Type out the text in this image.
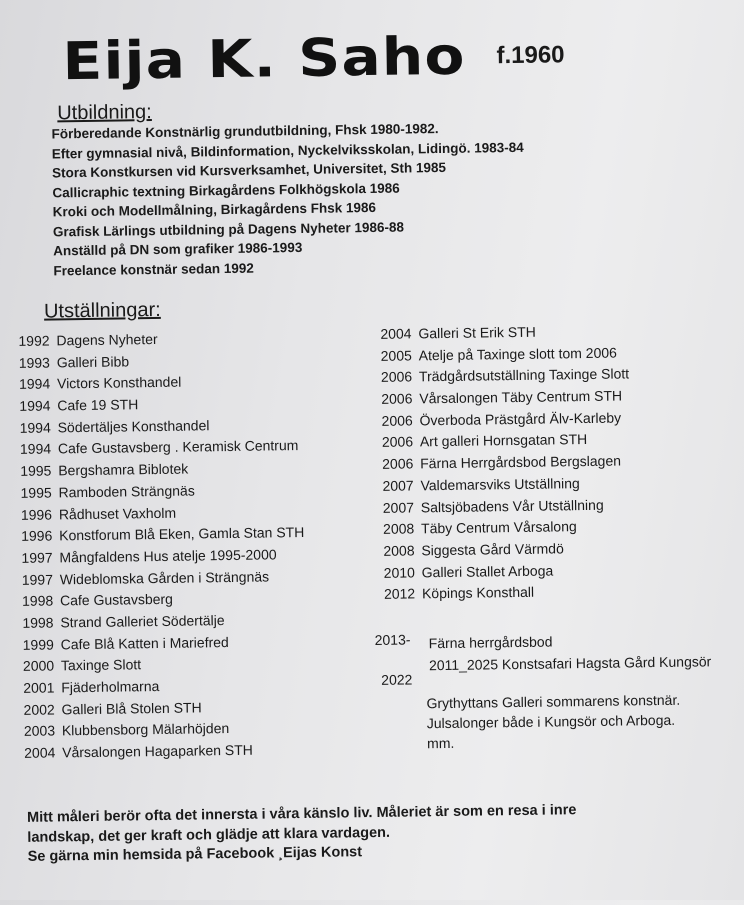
Eija K. Saho f.1960
Utbildning:
Förberedande Konstnärlig grundutbildning, Fhsk 1980-1982.
Efter gymnasial nivå, Bildinformation, Nyckelviksskolan, Lidingö. 1983-84
Stora Konstkursen vid Kursverksamhet, Universitet, Sth 1985
Callicraphic textning Birkagårdens Folkhögskola 1986
Kroki och Modellmålning, Birkagårdens Fhsk 1986
Grafisk Lärlings utbildning på Dagens Nyheter 1986-88
Anställd på DN som grafiker 1986-1993
Freelance konstnär sedan 1992
Utställningar:
1992 Dagens Nyheter
1993 Galleri Bibb
1994 Victors Konsthandel
1994 Cafe 19 STH
1994 Södertäljes Konsthandel
1994 Cafe Gustavsberg . Keramisk Centrum
1995 Bergshamra Biblotek
1995 Ramboden Strängnäs
1996 Rådhuset Vaxholm
1996 Konstforum Blå Eken, Gamla Stan STH
1997 Mångfaldens Hus atelje 1995-2000
1997 Wideblomska Gården i Strängnäs
1998 Cafe Gustavsberg
1998 Strand Galleriet Södertälje
1999 Cafe Blå Katten i Mariefred
2000 Taxinge Slott
2001 Fjäderholmarna
2002 Galleri Blå Stolen STH
2003 Klubbensborg Mälarhöjden
2004 Vårsalongen Hagaparken STH
2004 Galleri St Erik STH
2005 Atelje på Taxinge slott tom 2006
2006 Trädgårdsutställning Taxinge Slott
2006 Vårsalongen Täby Centrum STH
2006 Överboda Prästgård Älv-Karleby
2006 Art galleri Hornsgatan STH
2006 Färna Herrgårdsbod Bergslagen
2007 Valdemarsviks Utställning
2007 Saltsjöbadens Vår Utställning
2008 Täby Centrum Vårsalong
2008 Siggesta Gård Värmdö
2010 Galleri Stallet Arboga
2012 Köpings Konsthall
2013-
2022
Färna herrgårdsbod
2011_2025 Konstsafari Hagsta Gård Kungsör
Grythyttans Galleri sommarens konstnär.
Julsalonger både i Kungsör och Arboga.
mm.
Mitt måleri berör ofta det innersta i våra känslo liv. Måleriet är som en resa i inre
landskap, det ger kraft och glädje att klara vardagen.
Se gärna min hemsida på Facebook ¸Eijas Konst
